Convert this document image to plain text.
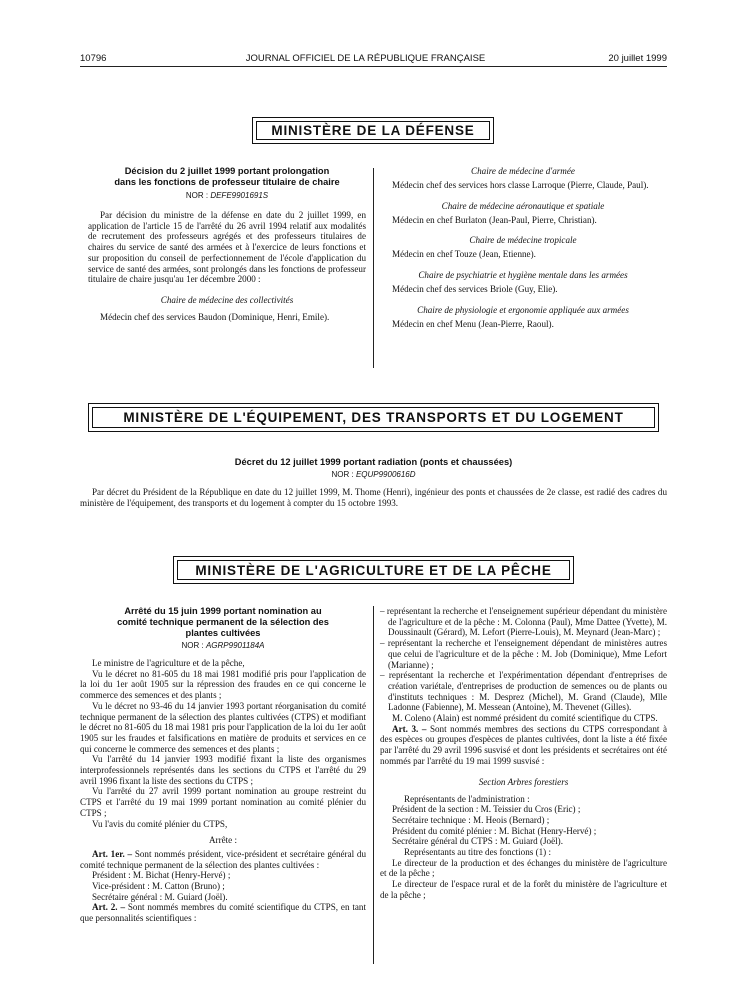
10796	JOURNAL OFFICIEL DE LA RÉPUBLIQUE FRANÇAISE	20 juillet 1999
MINISTÈRE DE LA DÉFENSE
Décision du 2 juillet 1999 portant prolongation
dans les fonctions de professeur titulaire de chaire
NOR : DEFE9901691S

Par décision du ministre de la défense en date du 2 juillet 1999, en application de l'article 15 de l'arrêté du 26 avril 1994 relatif aux modalités de recrutement des professeurs agrégés et des professeurs titulaires de chaires du service de santé des armées et à l'exercice de leurs fonctions et sur proposition du conseil de perfectionnement de l'école d'application du service de santé des armées, sont prolongés dans les fonctions de professeur titulaire de chaire jusqu'au 1er décembre 2000 :

Chaire de médecine des collectivités

Médecin chef des services Baudon (Dominique, Henri, Emile).

Chaire de médecine d'armée

Médecin chef des services hors classe Larroque (Pierre, Claude, Paul).

Chaire de médecine aéronautique et spatiale

Médecin en chef Burlaton (Jean-Paul, Pierre, Christian).

Chaire de médecine tropicale

Médecin en chef Touze (Jean, Etienne).

Chaire de psychiatrie et hygiène mentale dans les armées

Médecin chef des services Briole (Guy, Elie).

Chaire de physiologie et ergonomie appliquée aux armées

Médecin en chef Menu (Jean-Pierre, Raoul).

MINISTÈRE DE L'ÉQUIPEMENT, DES TRANSPORTS ET DU LOGEMENT
Décret du 12 juillet 1999 portant radiation (ponts et chaussées)
NOR : EQUP9900616D

Par décret du Président de la République en date du 12 juillet 1999, M. Thome (Henri), ingénieur des ponts et chaussées de 2e classe, est radié des cadres du ministère de l'équipement, des transports et du logement à compter du 15 octobre 1993.

MINISTÈRE DE L'AGRICULTURE ET DE LA PÊCHE
Arrêté du 15 juin 1999 portant nomination au
comité technique permanent de la sélection des
plantes cultivées
NOR : AGRP9901184A

Le ministre de l'agriculture et de la pêche,

Vu le décret no 81-605 du 18 mai 1981 modifié pris pour l'application de la loi du 1er août 1905 sur la répression des fraudes en ce qui concerne le commerce des semences et des plants ;

Vu le décret no 93-46 du 14 janvier 1993 portant réorganisation du comité technique permanent de la sélection des plantes cultivées (CTPS) et modifiant le décret no 81-605 du 18 mai 1981 pris pour l'application de la loi du 1er août 1905 sur les fraudes et falsifications en matière de produits et services en ce qui concerne le commerce des semences et des plants ;

Vu l'arrêté du 14 janvier 1993 modifié fixant la liste des organismes interprofessionnels représentés dans les sections du CTPS et l'arrêté du 29 avril 1996 fixant la liste des sections du CTPS ;

Vu l'arrêté du 27 avril 1999 portant nomination au groupe restreint du CTPS et l'arrêté du 19 mai 1999 portant nomination au comité plénier du CTPS ;

Vu l'avis du comité plénier du CTPS,

Arrête :

Art. 1er. – Sont nommés président, vice-président et secrétaire général du comité technique permanent de la sélection des plantes cultivées :

Président : M. Bichat (Henry-Hervé) ;

Vice-président : M. Catton (Bruno) ;

Secrétaire général : M. Guiard (Joël).

Art. 2. – Sont nommés membres du comité scientifique du CTPS, en tant que personnalités scientifiques :

– représentant la recherche et l'enseignement supérieur dépendant du ministère de l'agriculture et de la pêche : M. Colonna (Paul), Mme Dattee (Yvette), M. Doussinault (Gérard), M. Lefort (Pierre-Louis), M. Meynard (Jean-Marc) ;

– représentant la recherche et l'enseignement dépendant de ministères autres que celui de l'agriculture et de la pêche : M. Job (Dominique), Mme Lefort (Marianne) ;

– représentant la recherche et l'expérimentation dépendant d'entreprises de création variétale, d'entreprises de production de semences ou de plants ou d'instituts techniques : M. Desprez (Michel), M. Grand (Claude), Mlle Ladonne (Fabienne), M. Messean (Antoine), M. Thevenet (Gilles).

M. Coleno (Alain) est nommé président du comité scientifique du CTPS.

Art. 3. – Sont nommés membres des sections du CTPS correspondant à des espèces ou groupes d'espèces de plantes cultivées, dont la liste a été fixée par l'arrêté du 29 avril 1996 susvisé et dont les présidents et secrétaires ont été nommés par l'arrêté du 19 mai 1999 susvisé :

Section Arbres forestiers

Représentants de l'administration :

Président de la section : M. Teissier du Cros (Eric) ;

Secrétaire technique : M. Heois (Bernard) ;

Président du comité plénier : M. Bichat (Henry-Hervé) ;

Secrétaire général du CTPS : M. Guiard (Joël).

Représentants au titre des fonctions (1) :

Le directeur de la production et des échanges du ministère de l'agriculture et de la pêche ;

Le directeur de l'espace rural et de la forêt du ministère de l'agriculture et de la pêche ;
